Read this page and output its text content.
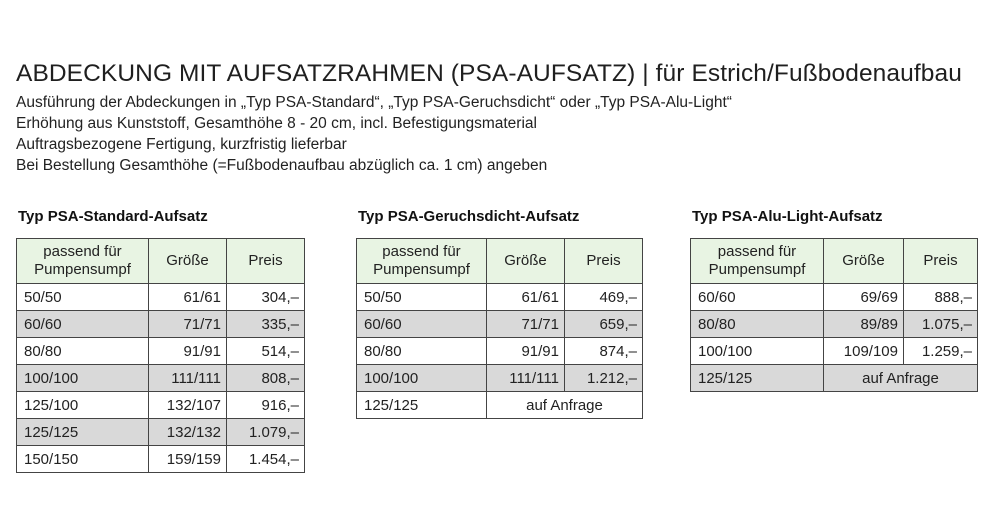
ABDECKUNG MIT AUFSATZRAHMEN (PSA-AUFSATZ) | für Estrich/Fußbodenaufbau
Ausführung der Abdeckungen in „Typ PSA-Standard“, „Typ PSA-Geruchsdicht“ oder „Typ PSA-Alu-Light“
Erhöhung aus Kunststoff, Gesamthöhe 8 - 20 cm, incl. Befestigungsmaterial
Auftragsbezogene Fertigung, kurzfristig lieferbar
Bei Bestellung Gesamthöhe (=Fußbodenaufbau abzüglich ca. 1 cm) angeben
Typ PSA-Standard-Aufsatz
passend für
Pumpensumpf	Größe	Preis
50/50	61/61	304,–
60/60	71/71	335,–
80/80	91/91	514,–
100/100	111/111	808,–
125/100	132/107	916,–
125/125	132/132	1.079,–
150/150	159/159	1.454,–
Typ PSA-Geruchsdicht-Aufsatz
passend für
Pumpensumpf	Größe	Preis
50/50	61/61	469,–
60/60	71/71	659,–
80/80	91/91	874,–
100/100	111/111	1.212,–
125/125	auf Anfrage	
Typ PSA-Alu-Light-Aufsatz
passend für
Pumpensumpf	Größe	Preis
60/60	69/69	888,–
80/80	89/89	1.075,–
100/100	109/109	1.259,–
125/125	auf Anfrage	
